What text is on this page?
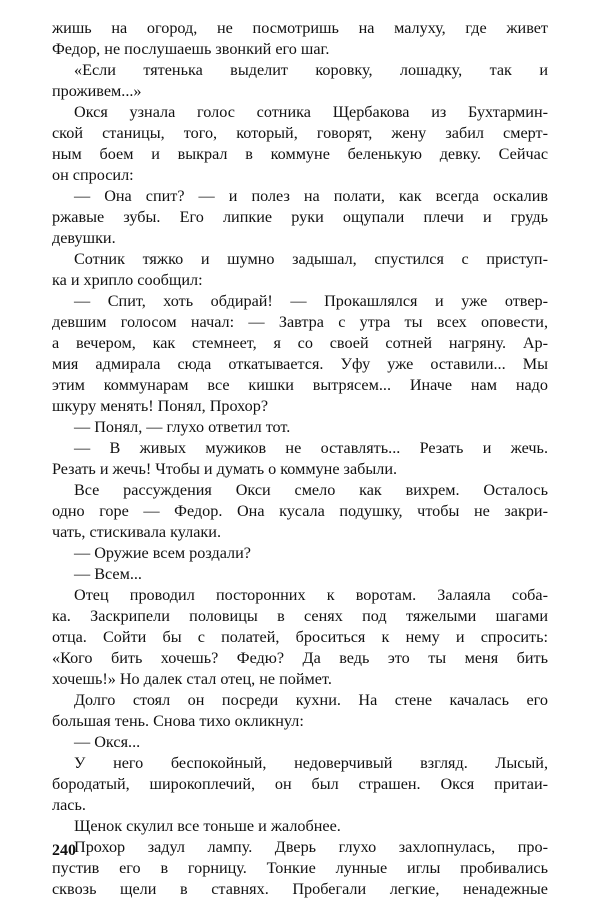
жишь на огород, не посмотришь на малуху, где живет
Федор, не послушаешь звонкий его шаг.
«Если тятенька выделит коровку, лошадку, так и
проживем...»
Окся узнала голос сотника Щербакова из Бухтармин-
ской станицы, того, который, говорят, жену забил смерт-
ным боем и выкрал в коммуне беленькую девку. Сейчас
он спросил:
— Она спит? — и полез на полати, как всегда оскалив
ржавые зубы. Его липкие руки ощупали плечи и грудь
девушки.
Сотник тяжко и шумно задышал, спустился с приступ-
ка и хрипло сообщил:
— Спит, хоть обдирай! — Прокашлялся и уже отвер-
девшим голосом начал: — Завтра с утра ты всех оповести,
а вечером, как стемнеет, я со своей сотней нагряну. Ар-
мия адмирала сюда откатывается. Уфу уже оставили... Мы
этим коммунарам все кишки вытрясем... Иначе нам надо
шкуру менять! Понял, Прохор?
— Понял, — глухо ответил тот.
— В живых мужиков не оставлять... Резать и жечь.
Резать и жечь! Чтобы и думать о коммуне забыли.
Все рассуждения Окси смело как вихрем. Осталось
одно горе — Федор. Она кусала подушку, чтобы не закри-
чать, стискивала кулаки.
— Оружие всем роздали?
— Всем...
Отец проводил посторонних к воротам. Залаяла соба-
ка. Заскрипели половицы в сенях под тяжелыми шагами
отца. Сойти бы с полатей, броситься к нему и спросить:
«Кого бить хочешь? Федю? Да ведь это ты меня бить
хочешь!» Но далек стал отец, не поймет.
Долго стоял он посреди кухни. На стене качалась его
большая тень. Снова тихо окликнул:
— Окся...
У него беспокойный, недоверчивый взгляд. Лысый,
бородатый, широкоплечий, он был страшен. Окся притаи-
лась.
Щенок скулил все тоньше и жалобнее.
Прохор задул лампу. Дверь глухо захлопнулась, про-
пустив его в горницу. Тонкие лунные иглы пробивались
сквозь щели в ставнях. Пробегали легкие, ненадежные
240
